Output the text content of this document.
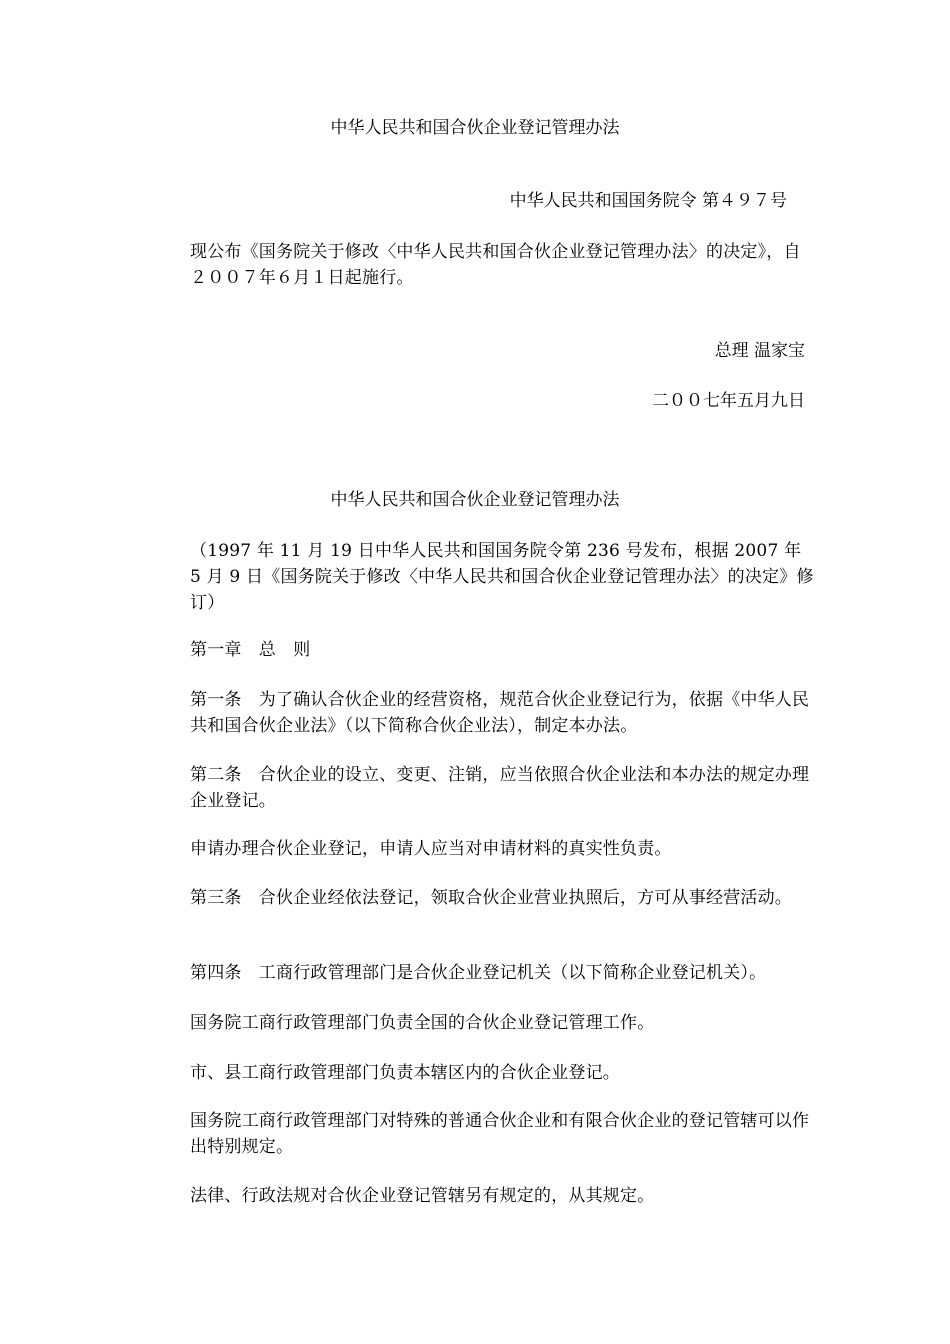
中华人民共和国合伙企业登记管理办法
中华人民共和国国务院令 第４９７号
现公布《国务院关于修改〈中华人民共和国合伙企业登记管理办法〉的决定》，自２００７年６月１日起施行。
总理 温家宝
二００七年五月九日
中华人民共和国合伙企业登记管理办法
（1997 年 11 月 19 日中华人民共和国国务院令第 236 号发布，根据 2007 年 5 月 9 日《国务院关于修改〈中华人民共和国合伙企业登记管理办法〉的决定》修订）
第一章　总　则
第一条　为了确认合伙企业的经营资格，规范合伙企业登记行为，依据《中华人民共和国合伙企业法》（以下简称合伙企业法），制定本办法。
第二条　合伙企业的设立、变更、注销，应当依照合伙企业法和本办法的规定办理企业登记。
申请办理合伙企业登记，申请人应当对申请材料的真实性负责。
第三条　合伙企业经依法登记，领取合伙企业营业执照后，方可从事经营活动。
第四条　工商行政管理部门是合伙企业登记机关（以下简称企业登记机关）。
国务院工商行政管理部门负责全国的合伙企业登记管理工作。
市、县工商行政管理部门负责本辖区内的合伙企业登记。
国务院工商行政管理部门对特殊的普通合伙企业和有限合伙企业的登记管辖可以作出特别规定。
法律、行政法规对合伙企业登记管辖另有规定的，从其规定。
